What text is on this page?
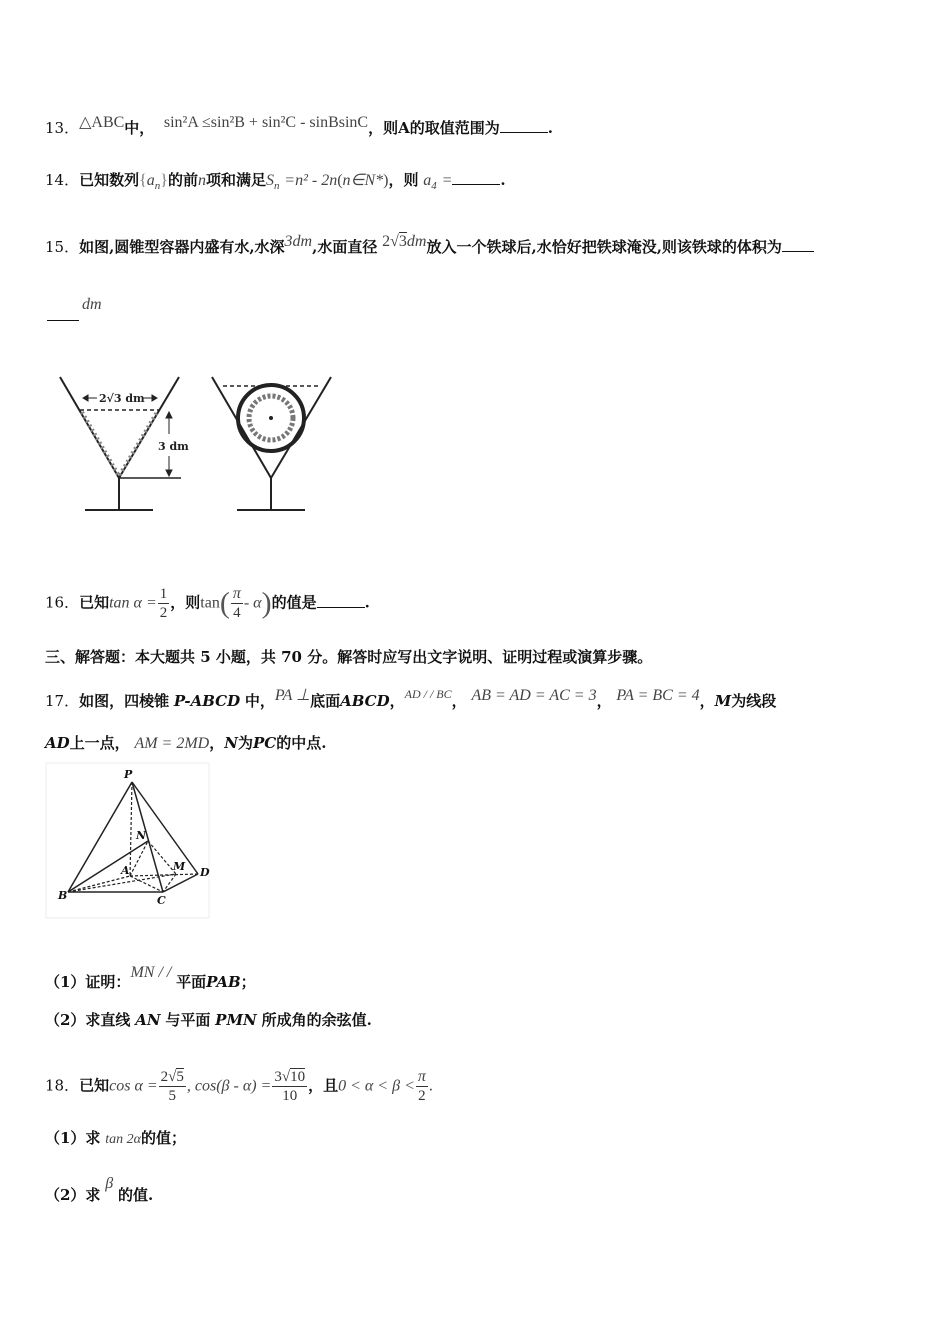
13．△ABC中， sin²A ≤sin²B + sin²C - sinBsinC，则A的取值范围为	.
14．已知数列$\{a_n\}$的前n项和满足$S_n =n^2$ - 2n(n∈N*)，则 $a_4$ =	.
15．如图,圆锥型容器内盛有水,水深3dm,水面直径 2√3dm放入一个铁球后,水恰好把铁球淹没,则该铁球的体积为
dm
2√3 dm
3 dm
16．已知$\tan \alpha = \frac{1}{2}$ ，则$\tan( \frac{\pi}{4} - \alpha)$的值是	.
三、解答题：本大题共 5 小题，共 70 分。解答时应写出文字说明、证明过程或演算步骤。
17．如图，四棱锥 P-ABCD 中，PA ⊥底面ABCD，$^{AD / / BC}$， AB = AD = AC = 3， PA = BC = 4，M为线段
AD上一点， AM = 2MD，N为PC的中点.
P
N
M
A	D
B	C
（1）证明：MN / / 平面PAB；
（2）求直线 AN 与平面 PMN 所成角的余弦值.
18．已知$\cos \alpha = \frac{2√5}{5}$ , $\cos(\beta - \alpha) = \frac{3√10}{10}$ ，且$0 < \alpha < \beta < \frac{\pi}{2}$ .
（1）求 tan 2α的值；
（2）求 β 的值.
